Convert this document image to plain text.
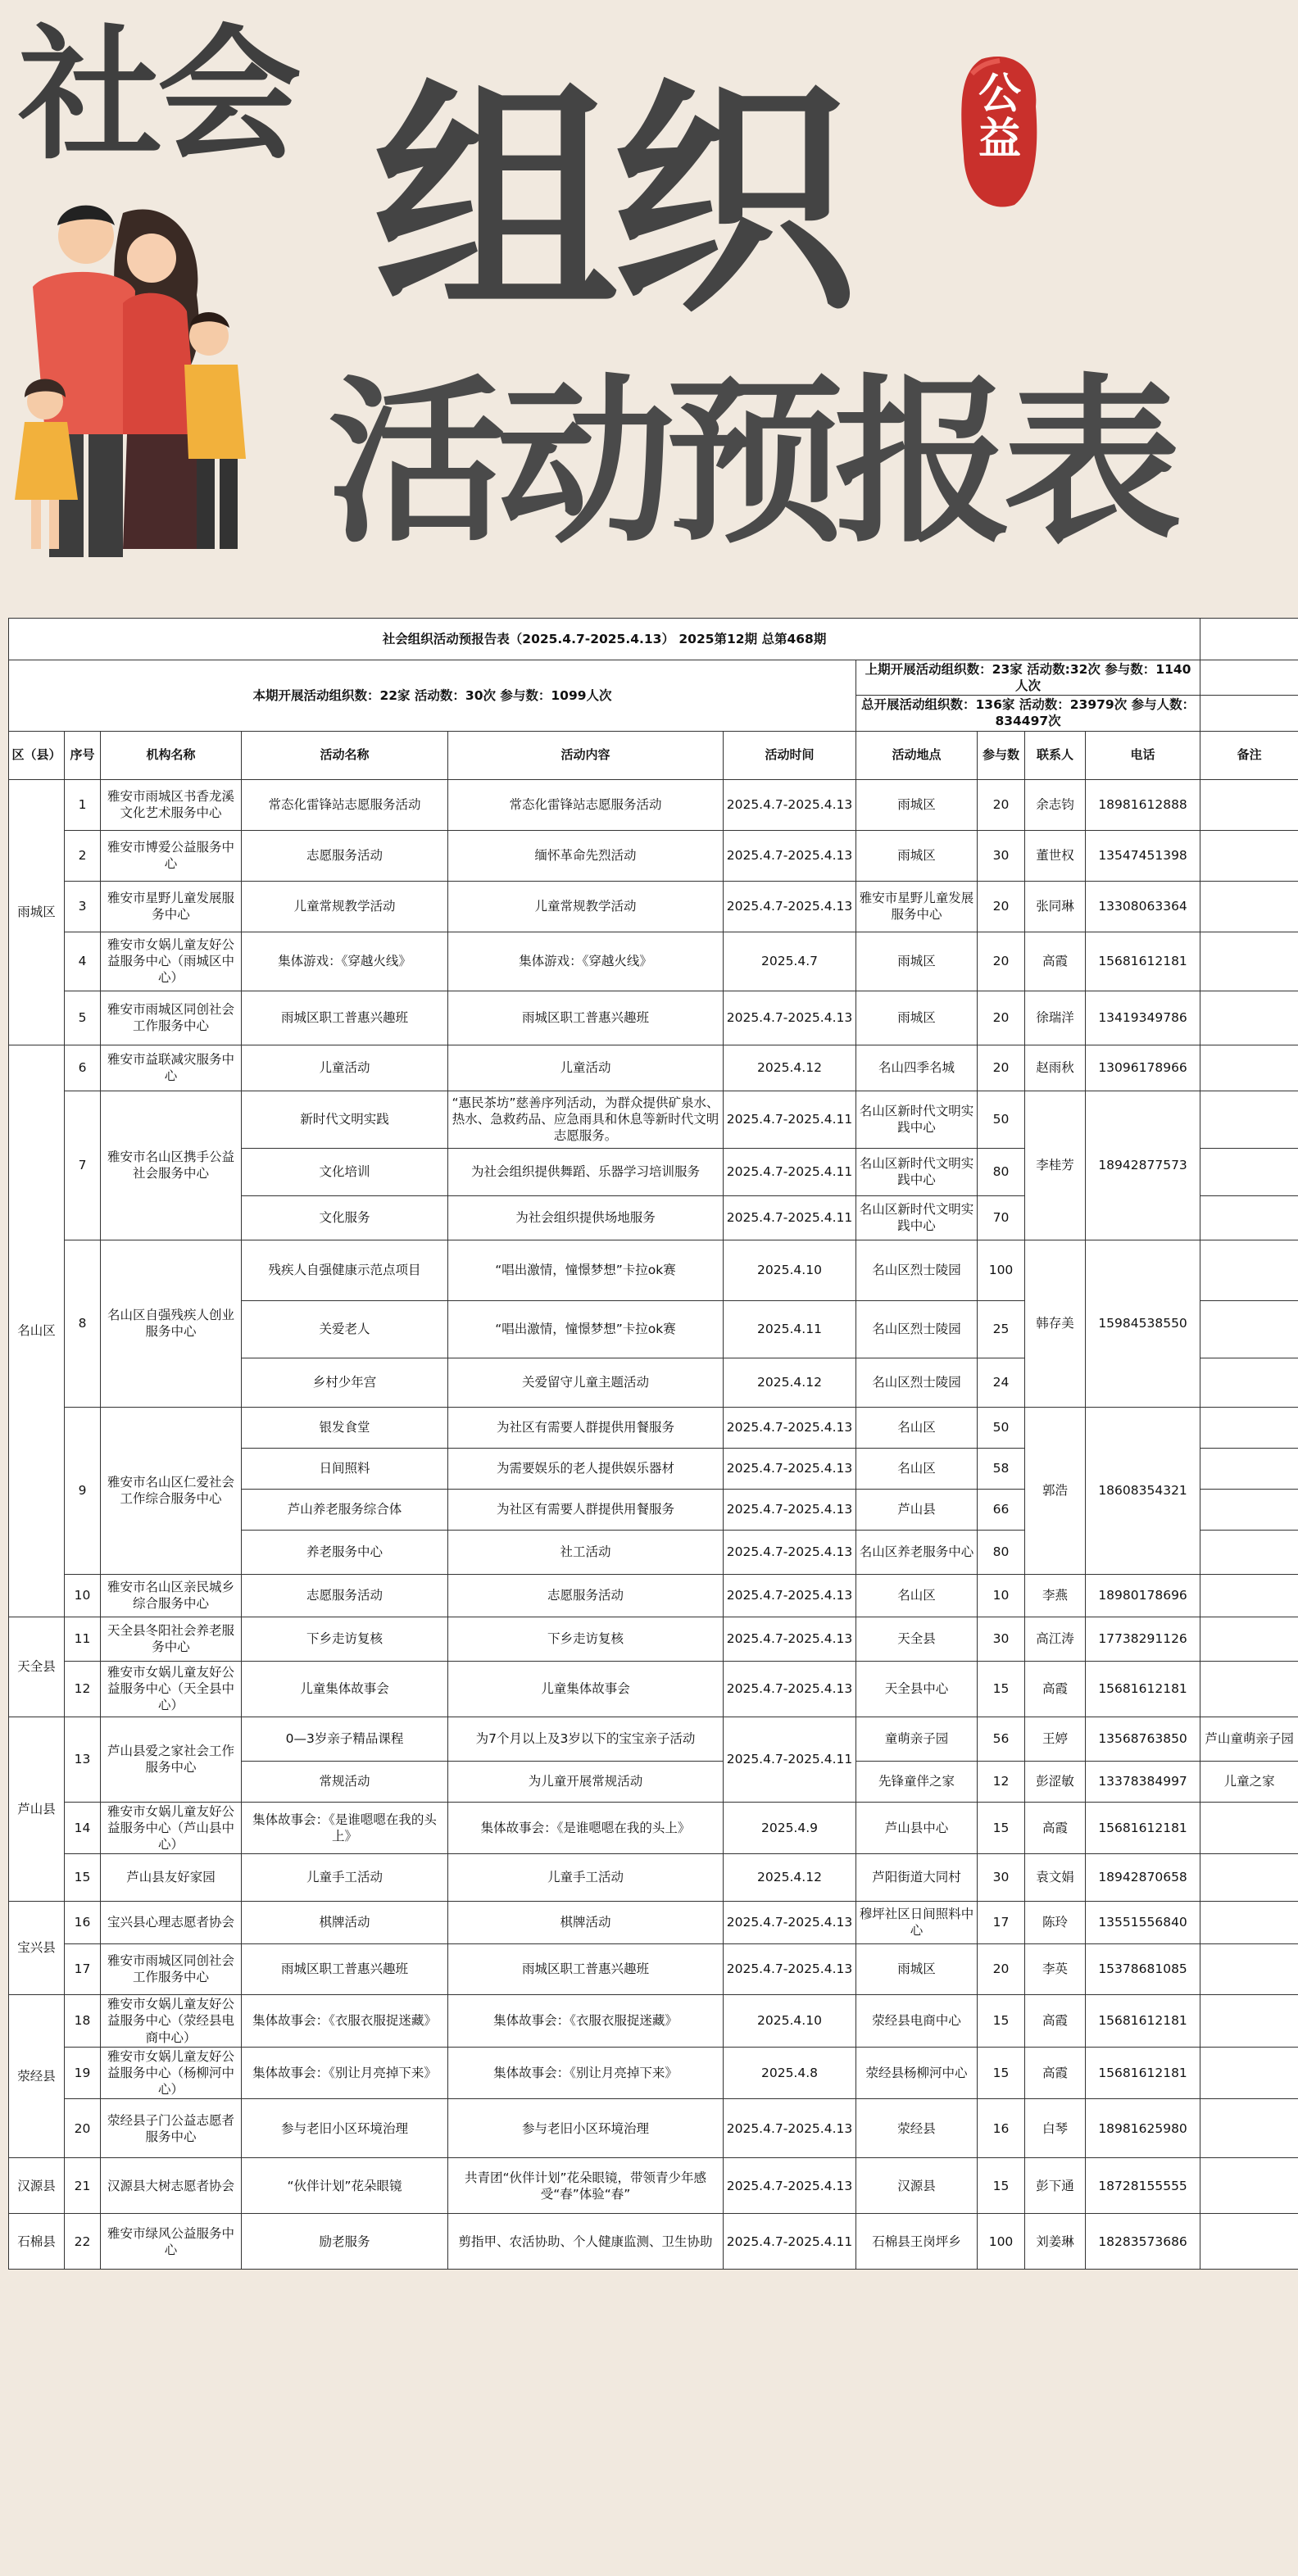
社会 组织
活动预报表
公益
社会组织活动预报告表（2025.4.7-2025.4.13） 2025第12期 总第468期										
本期开展活动组织数：22家 活动数：30次 参与数：1099人次						上期开展活动组织数：23家 活动数:32次 参与数：1140人次				
						总开展活动组织数：136家 活动数：23979次 参与人数：834497次				
区（县）	序号	机构名称	活动名称	活动内容	活动时间	活动地点	参与数	联系人	电话	备注
雨城区	1	雅安市雨城区书香龙溪文化艺术服务中心	常态化雷锋站志愿服务活动	常态化雷锋站志愿服务活动	2025.4.7-2025.4.13	雨城区	20	余志钧	18981612888	
	2	雅安市博爱公益服务中心	志愿服务活动	缅怀革命先烈活动	2025.4.7-2025.4.13	雨城区	30	董世权	13547451398	
	3	雅安市星野儿童发展服务中心	儿童常规教学活动	儿童常规教学活动	2025.4.7-2025.4.13	雅安市星野儿童发展服务中心	20	张同琳	13308063364	
	4	雅安市女娲儿童友好公益服务中心（雨城区中心）	集体游戏：《穿越火线》	集体游戏：《穿越火线》	2025.4.7	雨城区	20	高霞	15681612181	
	5	雅安市雨城区同创社会工作服务中心	雨城区职工普惠兴趣班	雨城区职工普惠兴趣班	2025.4.7-2025.4.13	雨城区	20	徐瑞洋	13419349786	
名山区	6	雅安市益联减灾服务中心	儿童活动	儿童活动	2025.4.12	名山四季名城	20	赵雨秋	13096178966	
	7	雅安市名山区携手公益社会服务中心	新时代文明实践	“惠民茶坊”慈善序列活动，为群众提供矿泉水、热水、急救药品、应急雨具和休息等新时代文明志愿服务。	2025.4.7-2025.4.11	名山区新时代文明实践中心	50	李桂芳	18942877573	
			文化培训	为社会组织提供舞蹈、乐器学习培训服务	2025.4.7-2025.4.11	名山区新时代文明实践中心	80			
			文化服务	为社会组织提供场地服务	2025.4.7-2025.4.11	名山区新时代文明实践中心	70			
	8	名山区自强残疾人创业服务中心	残疾人自强健康示范点项目	“唱出激情，憧憬梦想”卡拉ok赛	2025.4.10	名山区烈士陵园	100	韩存美	15984538550	
			关爱老人	“唱出激情，憧憬梦想”卡拉ok赛	2025.4.11	名山区烈士陵园	25			
			乡村少年宫	关爱留守儿童主题活动	2025.4.12	名山区烈士陵园	24			
	9	雅安市名山区仁爱社会工作综合服务中心	银发食堂	为社区有需要人群提供用餐服务	2025.4.7-2025.4.13	名山区	50	郭浩	18608354321	
			日间照料	为需要娱乐的老人提供娱乐器材	2025.4.7-2025.4.13	名山区	58			
			芦山养老服务综合体	为社区有需要人群提供用餐服务	2025.4.7-2025.4.13	芦山县	66			
			养老服务中心	社工活动	2025.4.7-2025.4.13	名山区养老服务中心	80			
	10	雅安市名山区亲民城乡综合服务中心	志愿服务活动	志愿服务活动	2025.4.7-2025.4.13	名山区	10	李燕	18980178696	
天全县	11	天全县冬阳社会养老服务中心	下乡走访复核	下乡走访复核	2025.4.7-2025.4.13	天全县	30	高江涛	17738291126	
	12	雅安市女娲儿童友好公益服务中心（天全县中心）	儿童集体故事会	儿童集体故事会	2025.4.7-2025.4.13	天全县中心	15	高霞	15681612181	
芦山县	13	芦山县爱之家社会工作服务中心	0—3岁亲子精品课程	为7个月以上及3岁以下的宝宝亲子活动	2025.4.7-2025.4.11	童萌亲子园	56	王婷	13568763850	芦山童萌亲子园
			常规活动	为儿童开展常规活动		先锋童伴之家	12	彭涩敏	13378384997	儿童之家
	14	雅安市女娲儿童友好公益服务中心（芦山县中心）	集体故事会：《是谁嗯嗯在我的头上》	集体故事会：《是谁嗯嗯在我的头上》	2025.4.9	芦山县中心	15	高霞	15681612181	
	15	芦山县友好家园	儿童手工活动	儿童手工活动	2025.4.12	芦阳街道大同村	30	袁文娟	18942870658	
宝兴县	16	宝兴县心理志愿者协会	棋牌活动	棋牌活动	2025.4.7-2025.4.13	穆坪社区日间照料中心	17	陈玲	13551556840	
	17	雅安市雨城区同创社会工作服务中心	雨城区职工普惠兴趣班	雨城区职工普惠兴趣班	2025.4.7-2025.4.13	雨城区	20	李英	15378681085	
荥经县	18	雅安市女娲儿童友好公益服务中心（荥经县电商中心）	集体故事会：《衣服衣服捉迷藏》	集体故事会：《衣服衣服捉迷藏》	2025.4.10	荥经县电商中心	15	高霞	15681612181	
	19	雅安市女娲儿童友好公益服务中心（杨柳河中心）	集体故事会：《别让月亮掉下来》	集体故事会：《别让月亮掉下来》	2025.4.8	荥经县杨柳河中心	15	高霞	15681612181	
	20	荥经县子门公益志愿者服务中心	参与老旧小区环境治理	参与老旧小区环境治理	2025.4.7-2025.4.13	荥经县	16	白琴	18981625980	
汉源县	21	汉源县大树志愿者协会	“伙伴计划”花朵眼镜	共青团“伙伴计划”花朵眼镜，带领青少年感受“春”体验“春”	2025.4.7-2025.4.13	汉源县	15	彭下通	18728155555	
石棉县	22	雅安市绿风公益服务中心	励老服务	剪指甲、农活协助、个人健康监测、卫生协助	2025.4.7-2025.4.11	石棉县王岗坪乡	100	刘姜琳	18283573686	
